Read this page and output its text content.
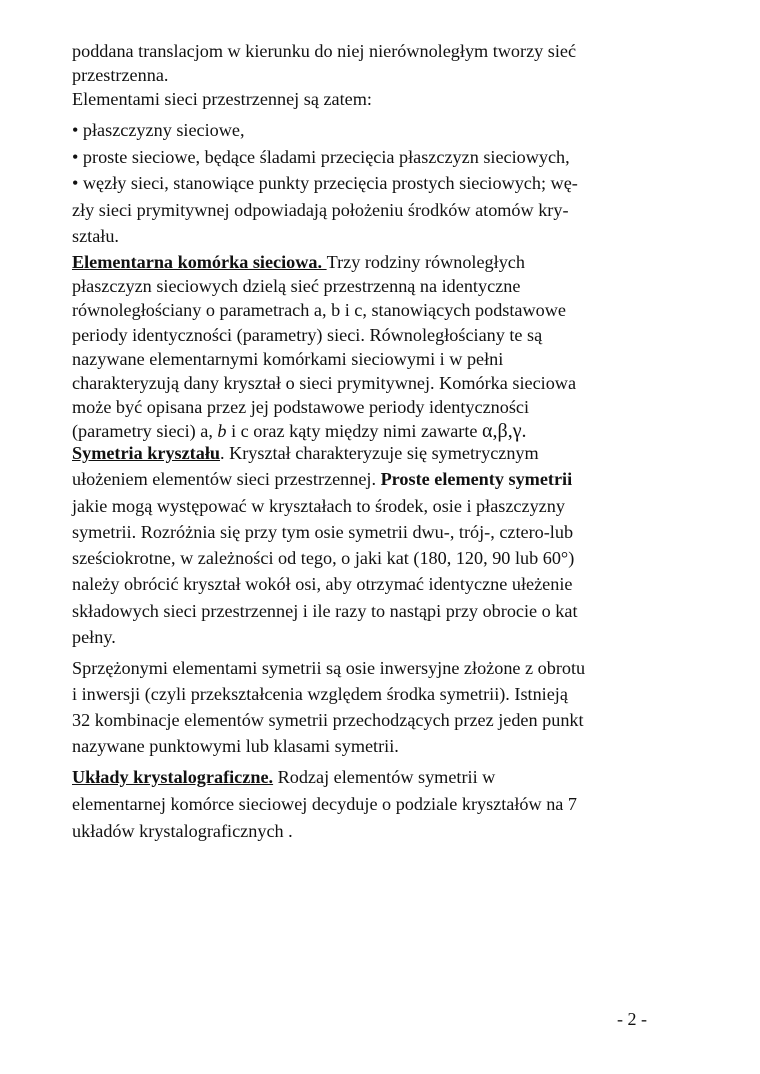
poddana translacjom w kierunku do niej nierównoległym tworzy sieć
przestrzenna.
Elementami sieci przestrzennej są zatem:
• płaszczyzny sieciowe,
• proste sieciowe, będące śladami przecięcia płaszczyzn sieciowych,
• węzły sieci, stanowiące punkty przecięcia prostych sieciowych; wę-
zły sieci prymitywnej odpowiadają położeniu środków atomów kry-
ształu.
Elementarna komórka sieciowa. Trzy rodziny równoległych
płaszczyzn sieciowych dzielą sieć przestrzenną na identyczne
równoległościany o parametrach a, b i c, stanowiących podstawowe
periody identyczności (parametry) sieci. Równoległościany te są
nazywane elementarnymi komórkami sieciowymi i w pełni
charakteryzują dany kryształ o sieci prymitywnej. Komórka sieciowa
może być opisana przez jej podstawowe periody identyczności
(parametry sieci) a, b i c oraz kąty między nimi zawarte α,β,γ.
Symetria kryształu. Kryształ charakteryzuje się symetrycznym
ułożeniem elementów sieci przestrzennej. Proste elementy symetrii
jakie mogą występować w kryształach to środek, osie i płaszczyzny
symetrii. Rozróżnia się przy tym osie symetrii dwu-, trój-, cztero-lub
sześciokrotne, w zależności od tego, o jaki kat (180, 120, 90 lub 60°)
należy obrócić kryształ wokół osi, aby otrzymać identyczne ułeżenie
składowych sieci przestrzennej i ile razy to nastąpi przy obrocie o kat
pełny.
Sprzężonymi elementami symetrii są osie inwersyjne złożone z obrotu
i inwersji (czyli przekształcenia względem środka symetrii). Istnieją
32 kombinacje elementów symetrii przechodzących przez jeden punkt
nazywane punktowymi lub klasami symetrii.
Układy krystalograficzne. Rodzaj elementów symetrii w
elementarnej komórce sieciowej decyduje o podziale kryształów na 7
układów krystalograficznych .
- 2 -
